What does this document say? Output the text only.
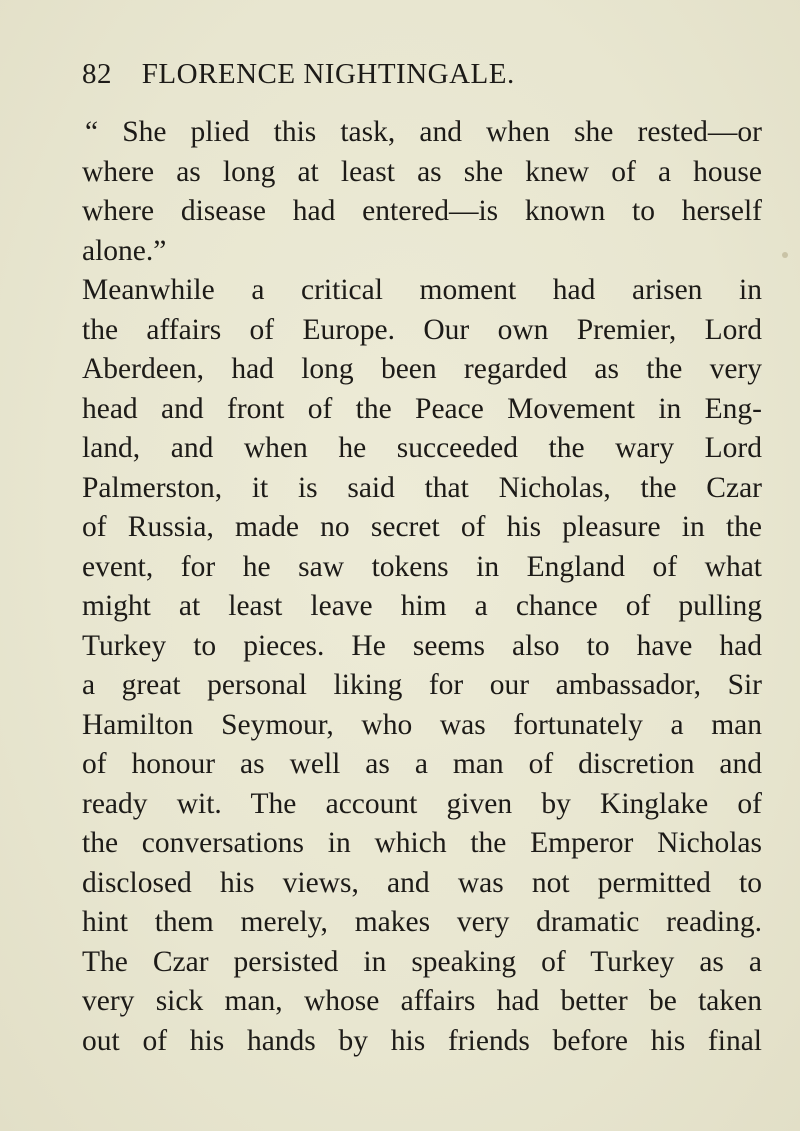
82 FLORENCE NIGHTINGALE.
“ She plied this task, and when she rested—or
where as long at least as she knew of a house
where disease had entered—is known to herself
alone.”
Meanwhile a critical moment had arisen in
the affairs of Europe. Our own Premier, Lord
Aberdeen, had long been regarded as the very
head and front of the Peace Movement in Eng-
land, and when he succeeded the wary Lord
Palmerston, it is said that Nicholas, the Czar
of Russia, made no secret of his pleasure in the
event, for he saw tokens in England of what
might at least leave him a chance of pulling
Turkey to pieces. He seems also to have had
a great personal liking for our ambassador, Sir
Hamilton Seymour, who was fortunately a man
of honour as well as a man of discretion and
ready wit. The account given by Kinglake of
the conversations in which the Emperor Nicholas
disclosed his views, and was not permitted to
hint them merely, makes very dramatic reading.
The Czar persisted in speaking of Turkey as a
very sick man, whose affairs had better be taken
out of his hands by his friends before his final
